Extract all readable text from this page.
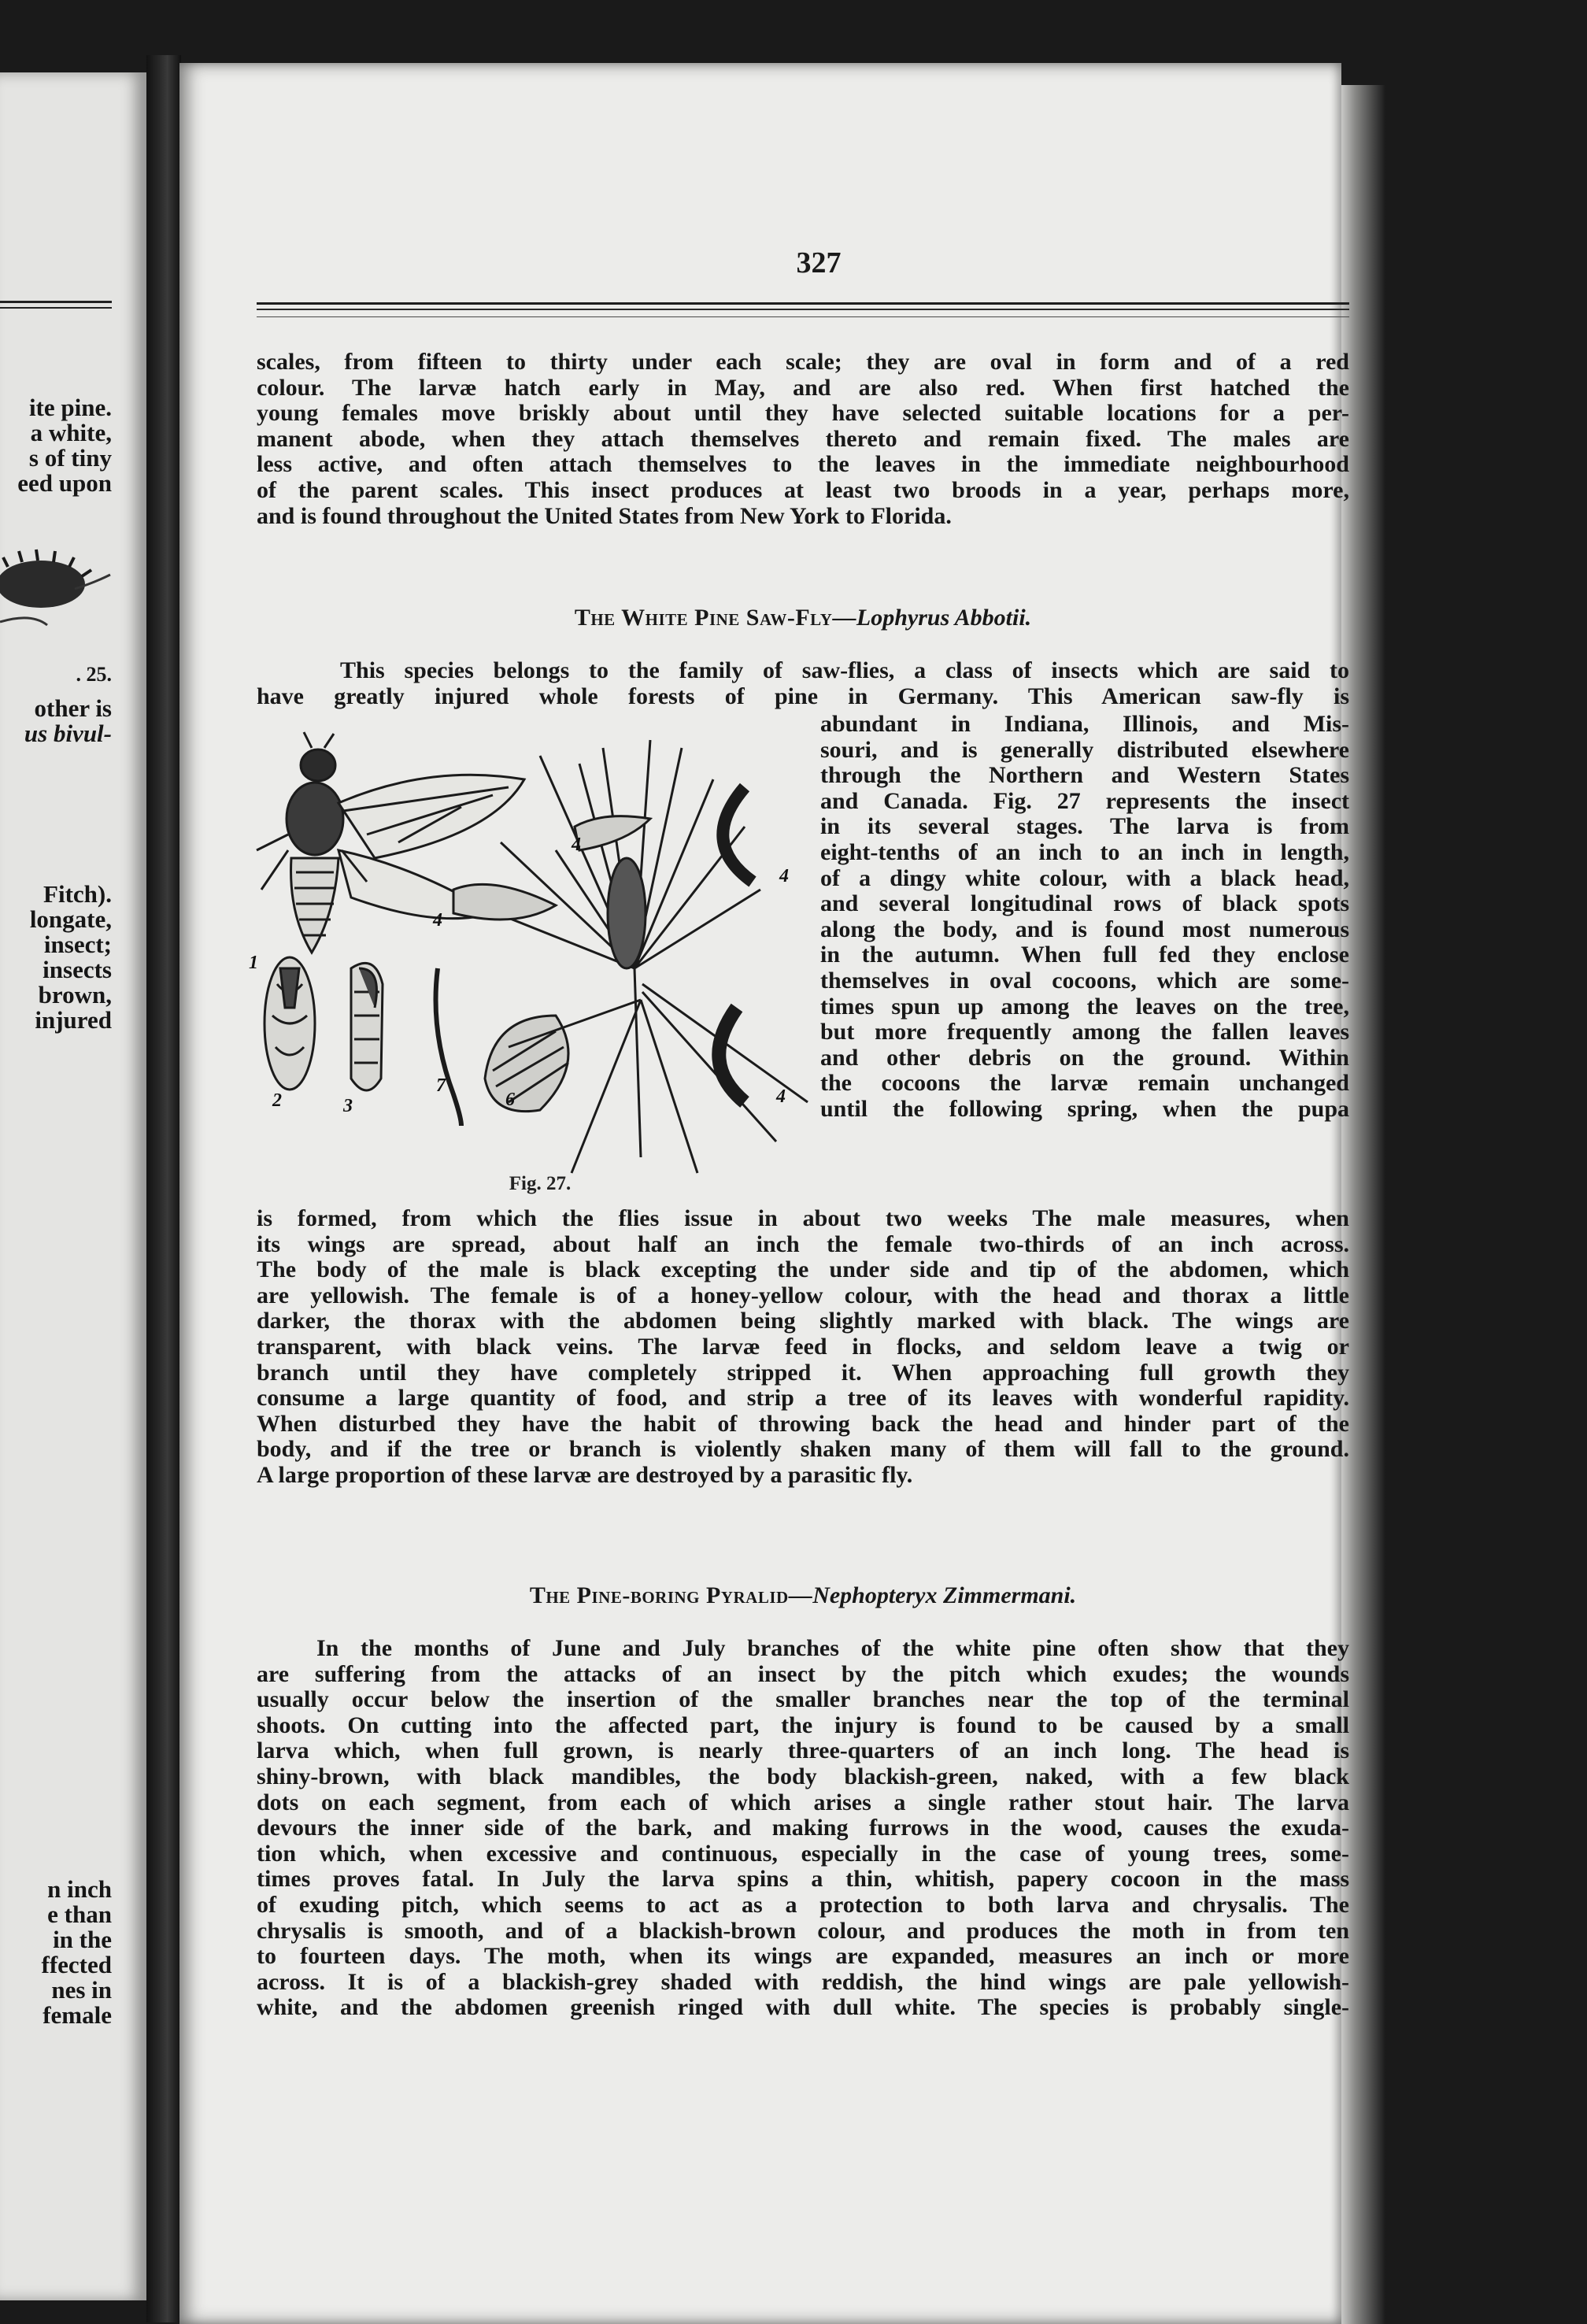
ite pine.
a white,
s of tiny
eed upon
. 25.
other is
us bivul-
Fitch).
longate,
insect;
insects
brown,
injured
n inch
e than
in the
ffected
nes in
female
327
scales, from fifteen to thirty under each scale; they are oval in form and of a red
colour. The larvæ hatch early in May, and are also red. When first hatched the
young females move briskly about until they have selected suitable locations for a per-
manent abode, when they attach themselves thereto and remain fixed. The males are
less active, and often attach themselves to the leaves in the immediate neighbourhood
of the parent scales. This insect produces at least two broods in a year, perhaps more,
and is found throughout the United States from New York to Florida.
The White Pine Saw-Fly—Lophyrus Abbotii.
This species belongs to the family of saw-flies, a class of insects which are said to
have greatly injured whole forests of pine in Germany. This American saw-fly is
1
2	3
4
4
4
4
6
7
Fig. 27.
abundant in Indiana, Illinois, and Mis-
souri, and is generally distributed elsewhere
through the Northern and Western States
and Canada. Fig. 27 represents the insect
in its several stages. The larva is from
eight-tenths of an inch to an inch in length,
of a dingy white colour, with a black head,
and several longitudinal rows of black spots
along the body, and is found most numerous
in the autumn. When full fed they enclose
themselves in oval cocoons, which are some-
times spun up among the leaves on the tree,
but more frequently among the fallen leaves
and other debris on the ground. Within
the cocoons the larvæ remain unchanged
until the following spring, when the pupa
is formed, from which the flies issue in about two weeks The male measures, when
its wings are spread, about half an inch the female two-thirds of an inch across.
The body of the male is black excepting the under side and tip of the abdomen, which
are yellowish. The female is of a honey-yellow colour, with the head and thorax a little
darker, the thorax with the abdomen being slightly marked with black. The wings are
transparent, with black veins. The larvæ feed in flocks, and seldom leave a twig or
branch until they have completely stripped it. When approaching full growth they
consume a large quantity of food, and strip a tree of its leaves with wonderful rapidity.
When disturbed they have the habit of throwing back the head and hinder part of the
body, and if the tree or branch is violently shaken many of them will fall to the ground.
A large proportion of these larvæ are destroyed by a parasitic fly.
The Pine-boring Pyralid—Nephopteryx Zimmermani.
In the months of June and July branches of the white pine often show that they
are suffering from the attacks of an insect by the pitch which exudes; the wounds
usually occur below the insertion of the smaller branches near the top of the terminal
shoots. On cutting into the affected part, the injury is found to be caused by a small
larva which, when full grown, is nearly three-quarters of an inch long. The head is
shiny-brown, with black mandibles, the body blackish-green, naked, with a few black
dots on each segment, from each of which arises a single rather stout hair. The larva
devours the inner side of the bark, and making furrows in the wood, causes the exuda-
tion which, when excessive and continuous, especially in the case of young trees, some-
times proves fatal. In July the larva spins a thin, whitish, papery cocoon in the mass
of exuding pitch, which seems to act as a protection to both larva and chrysalis. The
chrysalis is smooth, and of a blackish-brown colour, and produces the moth in from ten
to fourteen days. The moth, when its wings are expanded, measures an inch or more
across. It is of a blackish-grey shaded with reddish, the hind wings are pale yellowish-
white, and the abdomen greenish ringed with dull white. The species is probably single-
